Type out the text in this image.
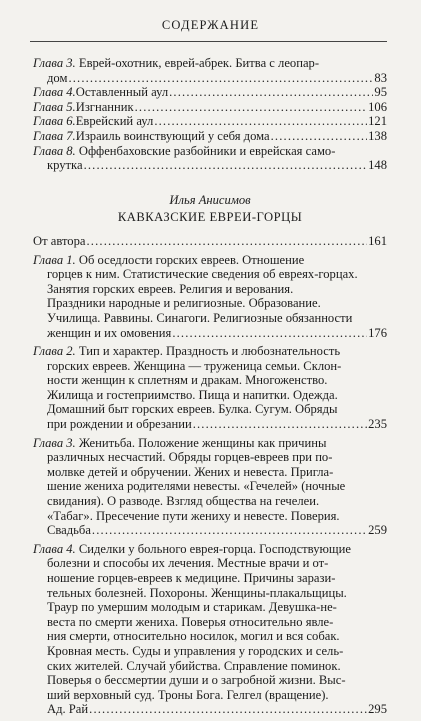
СОДЕРЖАНИЕ
Глава 3. Еврей-охотник, еврей-абрек. Битва с леопар-
дом . . .	83
Глава 4. Оставленный аул . . .	95
Глава 5. Изгнанник . . .	106
Глава 6. Еврейский аул . . .	121
Глава 7. Израиль воинствующий у себя дома . . .	138
Глава 8. Оффенбаховские разбойники и еврейская само-
крутка . . .	148
Илья Анисимов
КАВКАЗСКИЕ ЕВРЕИ-ГОРЦЫ
От автора . . .	161
Глава 1. Об оседлости горских евреев. Отношение
горцев к ним. Статистические сведения об евреях-горцах.
Занятия горских евреев. Религия и верования.
Праздники народные и религиозные. Образование.
Училища. Раввины. Синагоги. Религиозные обязанности
женщин и их омовения . . .	176
Глава 2. Тип и характер. Праздность и любознательность
горских евреев. Женщина — труженица семьи. Склон-
ности женщин к сплетням и дракам. Многоженство.
Жилища и гостеприимство. Пища и напитки. Одежда.
Домашний быт горских евреев. Булка. Сугум. Обряды
при рождении и обрезании . . .	235
Глава 3. Женитьба. Положение женщины как причины
различных несчастий. Обряды горцев-евреев при по-
молвке детей и обручении. Жених и невеста. Пригла-
шение жениха родителями невесты. «Гечелей» (ночные
свидания). О разводе. Взгляд общества на гечелеи.
«Табаг». Пресечение пути жениху и невесте. Поверия.
Свадьба . . .	259
Глава 4. Сиделки у больного еврея-горца. Господствующие
болезни и способы их лечения. Местные врачи и от-
ношение горцев-евреев к медицине. Причины зарази-
тельных болезней. Похороны. Женщины-плакальщицы.
Траур по умершим молодым и старикам. Девушка-не-
веста по смерти жениха. Поверья относительно явле-
ния смерти, относительно носилок, могил и вся собак.
Кровная месть. Суды и управления у городских и сель-
ских жителей. Случай убийства. Справление поминок.
Поверья о бессмертии души и о загробной жизни. Выс-
ший верховный суд. Троны Бога. Гелгел (вращение).
Ад. Рай . . .	295
